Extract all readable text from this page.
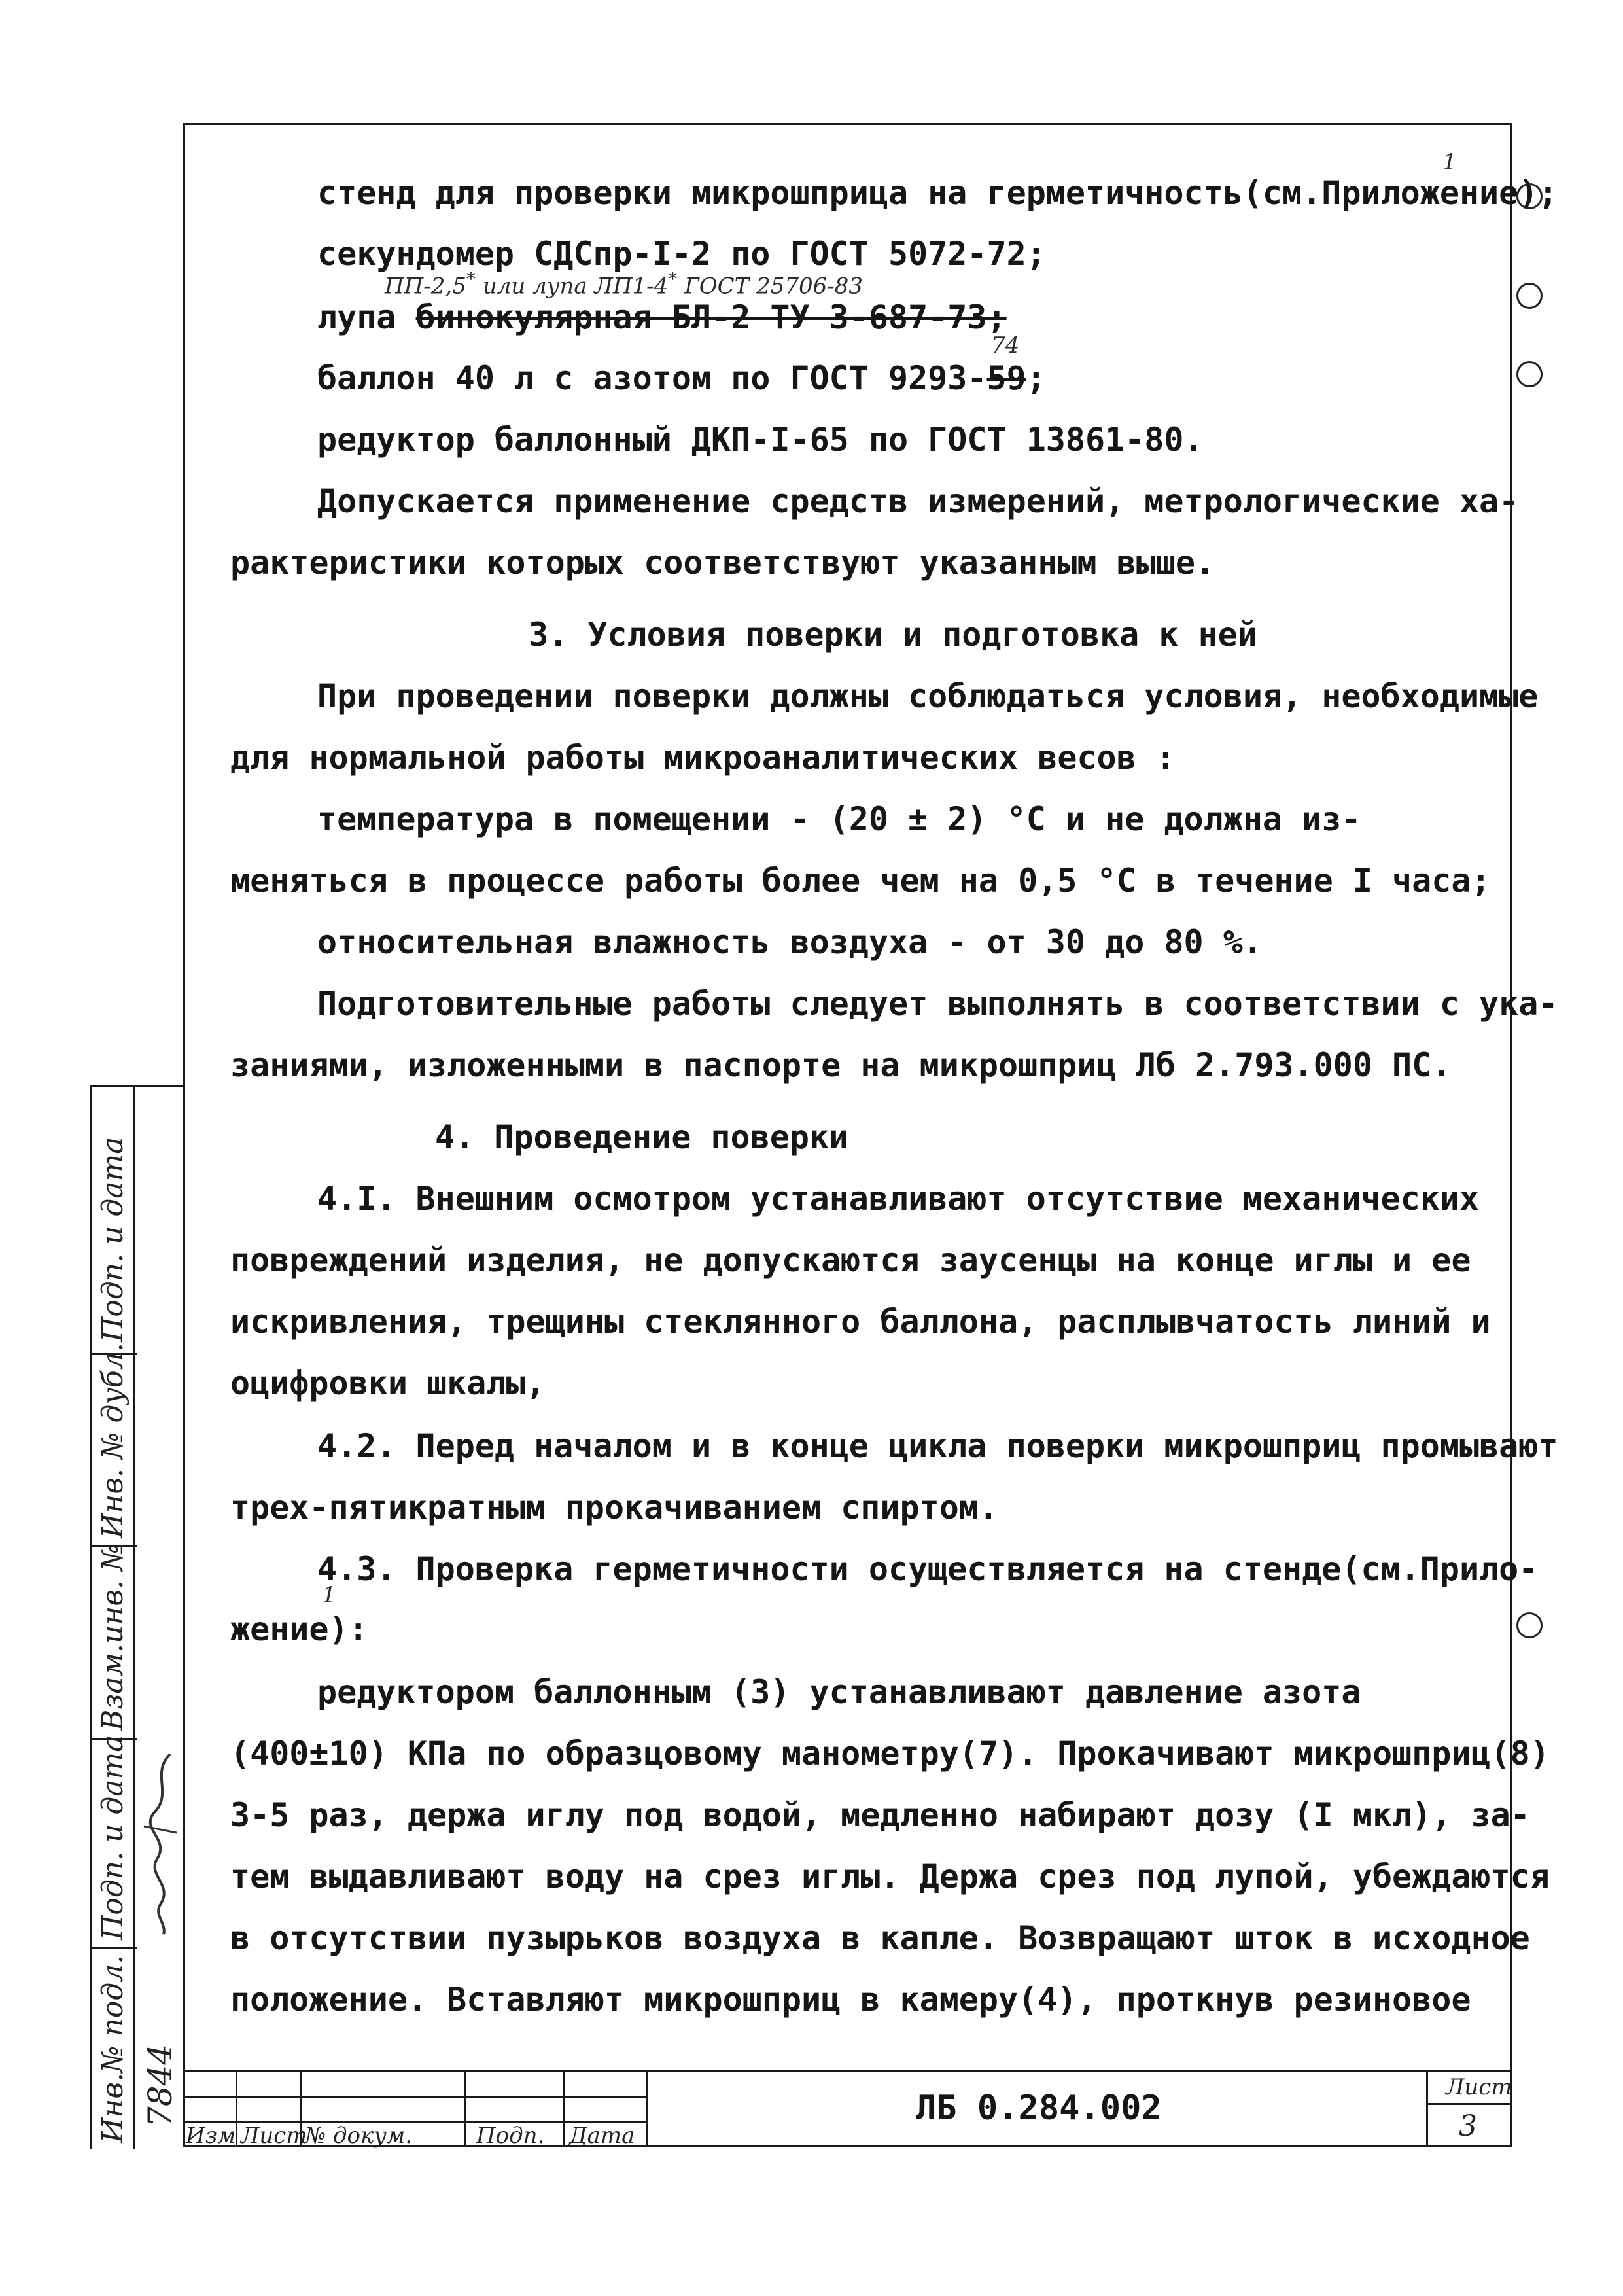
стенд для проверки микрошприца на герметичность(см.Приложение);
1
секундомер СДСпр-I-2 по ГОСТ 5072-72;
ПП-2,5* или лупа ЛП1-4* ГОСТ 25706-83
лупа бинокулярная БЛ-2 ТУ 3-687-73;
74
баллон 40 л с азотом по ГОСТ 9293-59;
редуктор баллонный ДКП-I-65 по ГОСТ 13861-80.
Допускается применение средств измерений, метрологические ха-
рактеристики которых соответствуют указанным выше.
3. Условия поверки и подготовка к ней
При проведении поверки должны соблюдаться условия, необходимые
для нормальной работы микроаналитических весов :
температура в помещении - (20 ± 2) °С и не должна из-
меняться в процессе работы более чем на 0,5 °С в течение I часа;
относительная влажность воздуха - от 30 до 80 %.
Подготовительные работы следует выполнять в соответствии с ука-
заниями, изложенными в паспорте на микрошприц Лб 2.793.000 ПС.
4. Проведение поверки
4.I. Внешним осмотром устанавливают отсутствие механических
повреждений изделия, не допускаются заусенцы на конце иглы и ее
искривления, трещины стеклянного баллона, расплывчатость линий и
оцифровки шкалы,
4.2. Перед началом и в конце цикла поверки микрошприц промывают
трех-пятикратным прокачиванием спиртом.
4.3. Проверка герметичности осуществляется на стенде(см.Прило-
1
жение):
редуктором баллонным (3) устанавливают давление азота
(400±10) КПа по образцовому манометру(7). Прокачивают микрошприц(8)
3-5 раз, держа иглу под водой, медленно набирают дозу (I мкл), за-
тем выдавливают воду на срез иглы. Держа срез под лупой, убеждаются
в отсутствии пузырьков воздуха в капле. Возвращают шток в исходное
положение. Вставляют микрошприц в камеру(4), проткнув резиновое
Подп. и дата
Инв. № дубл.
Взам.инв. №
Подп. и дата
Инв.№ подл. 7844
Изм Лист
№ докум.	Подп. Дата
ЛБ 0.284.002
Лист
3
